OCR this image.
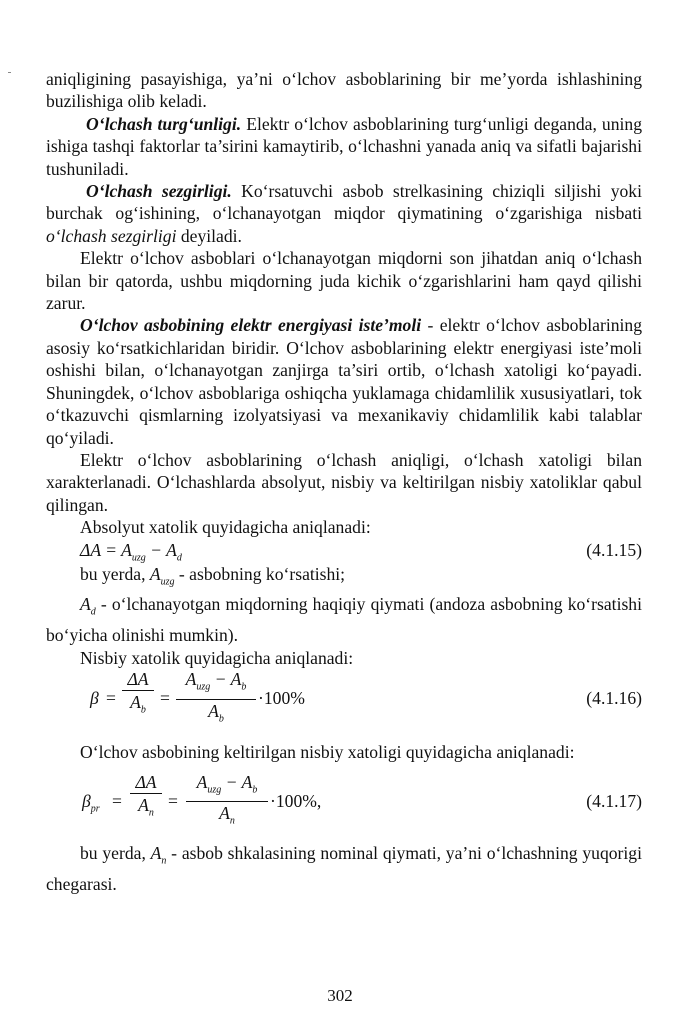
aniqligining pasayishiga, ya’ni o‘lchov asboblarining bir me’yorda ishlashining buzilishiga olib keladi.

O‘lchash turg‘unligi. Elektr o‘lchov asboblarining turg‘unligi deganda, uning ishiga tashqi faktorlar ta’sirini kamaytirib, o‘lchashni yanada aniq va sifatli bajarishi tushuniladi.

O‘lchash sezgirligi. Ko‘rsatuvchi asbob strelkasining chiziqli siljishi yoki burchak og‘ishining, o‘lchanayotgan miqdor qiymatining o‘zgarishiga nisbati o‘lchash sezgirligi deyiladi.

Elektr o‘lchov asboblari o‘lchanayotgan miqdorni son jihatdan aniq o‘lchash bilan bir qatorda, ushbu miqdorning juda kichik o‘zgarishlarini ham qayd qilishi zarur.

O‘lchov asbobining elektr energiyasi iste’moli - elektr o‘lchov asboblarining asosiy ko‘rsatkichlaridan biridir. O‘lchov asboblarining elektr energiyasi iste’moli oshishi bilan, o‘lchanayotgan zanjirga ta’siri ortib, o‘lchash xatoligi ko‘payadi. Shuningdek, o‘lchov asboblariga oshiqcha yuklamaga chidamlilik xususiyatlari, tok o‘tkazuvchi qismlarning izolyatsiyasi va mexanikaviy chidamlilik kabi talablar qo‘yiladi.

Elektr o‘lchov asboblarining o‘lchash aniqligi, o‘lchash xatoligi bilan xarakterlanadi. O‘lchashlarda absolyut, nisbiy va keltirilgan nisbiy xatoliklar qabul qilingan.

Absolyut xatolik quyidagicha aniqlanadi:

$\Delta A = A_{uzg} - A_d$	(4.1.15)

bu yerda, $A_{uzg}$ - asbobning ko‘rsatishi;

$A_d$ - o‘lchanayotgan miqdorning haqiqiy qiymati (andoza asbobning ko‘rsatishi bo‘yicha olinishi mumkin).

Nisbiy xatolik quyidagicha aniqlanadi:

$\beta = \frac{\Delta A}{A_b}$ =
$A_{uzg} - A_b$
$A_b$
·100%	(4.1.16)

O‘lchov asbobining keltirilgan nisbiy xatoligi quyidagicha aniqlanadi:

$\beta_{pr} = \frac{\Delta A}{A_n}$ =
$A_{uzg} - A_b$
$A_n$
·100%,	(4.1.17)

bu yerda, $A_n$ - asbob shkalasining nominal qiymati, ya’ni o‘lchashning yuqorigi chegarasi.

302
